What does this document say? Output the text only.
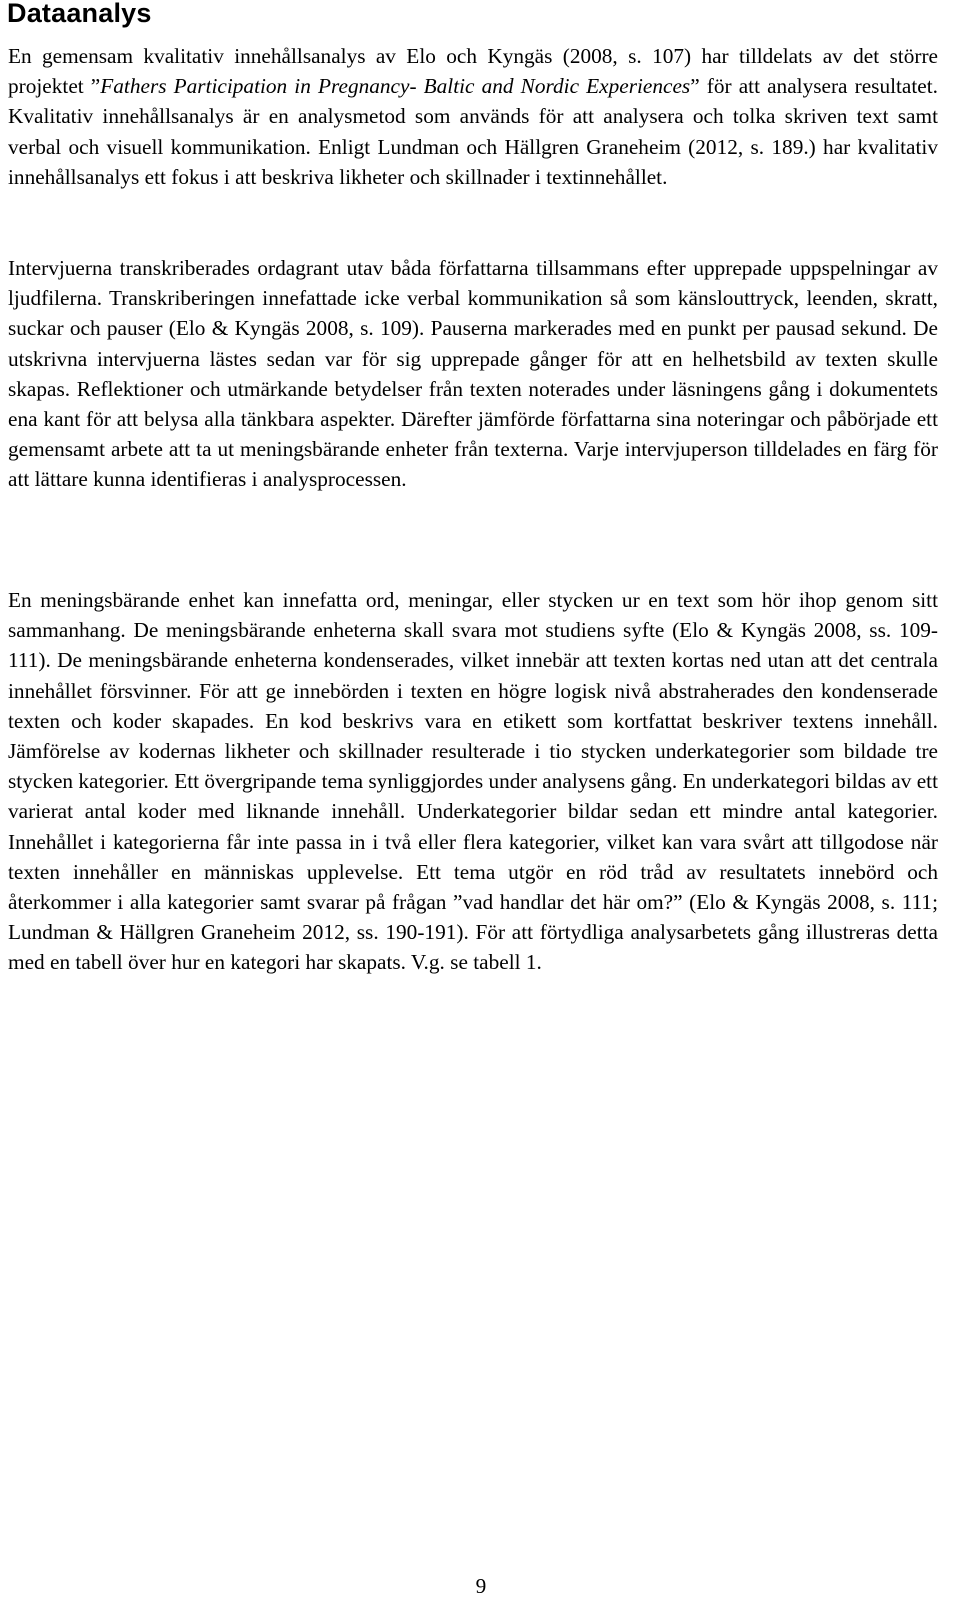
Dataanalys

En gemensam kvalitativ innehållsanalys av Elo och Kyngäs (2008, s. 107) har tilldelats av det större projektet ”Fathers Participation in Pregnancy- Baltic and Nordic Experiences” för att analysera resultatet. Kvalitativ innehållsanalys är en analysmetod som används för att analysera och tolka skriven text samt verbal och visuell kommunikation. Enligt Lundman och Hällgren Graneheim (2012, s. 189.) har kvalitativ innehållsanalys ett fokus i att beskriva likheter och skillnader i textinnehållet.

Intervjuerna transkriberades ordagrant utav båda författarna tillsammans efter upprepade uppspelningar av ljudfilerna. Transkriberingen innefattade icke verbal kommunikation så som känslouttryck, leenden, skratt, suckar och pauser (Elo & Kyngäs 2008, s. 109). Pauserna markerades med en punkt per pausad sekund. De utskrivna intervjuerna lästes sedan var för sig upprepade gånger för att en helhetsbild av texten skulle skapas. Reflektioner och utmärkande betydelser från texten noterades under läsningens gång i dokumentets ena kant för att belysa alla tänkbara aspekter. Därefter jämförde författarna sina noteringar och påbörjade ett gemensamt arbete att ta ut meningsbärande enheter från texterna. Varje intervjuperson tilldelades en färg för att lättare kunna identifieras i analysprocessen.

En meningsbärande enhet kan innefatta ord, meningar, eller stycken ur en text som hör ihop genom sitt sammanhang. De meningsbärande enheterna skall svara mot studiens syfte (Elo & Kyngäs 2008, ss. 109-111). De meningsbärande enheterna kondenserades, vilket innebär att texten kortas ned utan att det centrala innehållet försvinner. För att ge innebörden i texten en högre logisk nivå abstraherades den kondenserade texten och koder skapades. En kod beskrivs vara en etikett som kortfattat beskriver textens innehåll. Jämförelse av kodernas likheter och skillnader resulterade i tio stycken underkategorier som bildade tre stycken kategorier. Ett övergripande tema synliggjordes under analysens gång. En underkategori bildas av ett varierat antal koder med liknande innehåll. Underkategorier bildar sedan ett mindre antal kategorier. Innehållet i kategorierna får inte passa in i två eller flera kategorier, vilket kan vara svårt att tillgodose när texten innehåller en människas upplevelse. Ett tema utgör en röd tråd av resultatets innebörd och återkommer i alla kategorier samt svarar på frågan ”vad handlar det här om?” (Elo & Kyngäs 2008, s. 111; Lundman & Hällgren Graneheim 2012, ss. 190-191). För att förtydliga analysarbetets gång illustreras detta med en tabell över hur en kategori har skapats. V.g. se tabell 1.

9
